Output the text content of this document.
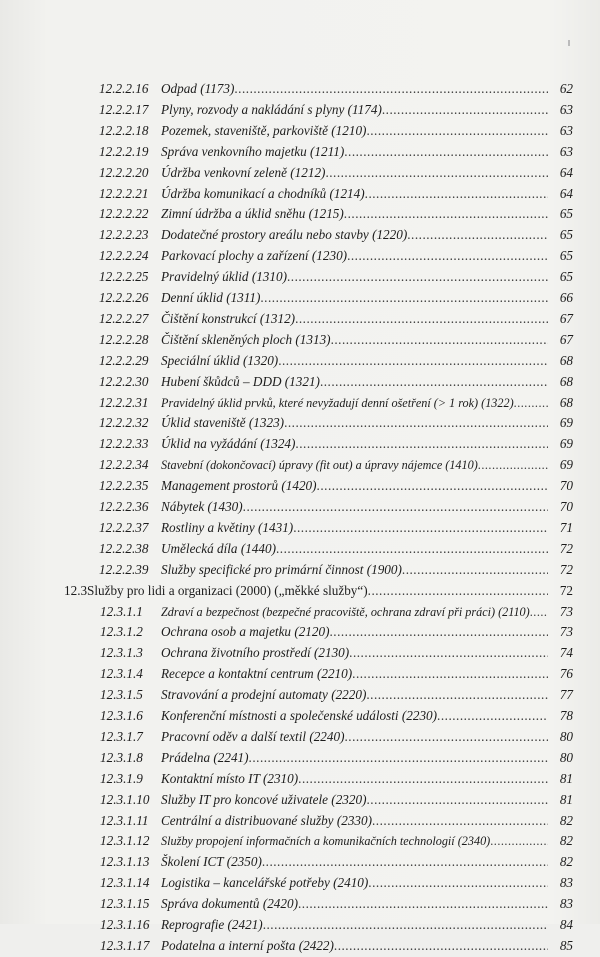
12.2.2.16 Odpad (1173) .....	62
12.2.2.17 Plyny, rozvody a nakládání s plyny (1174) .....	63
12.2.2.18 Pozemek, staveniště, parkoviště (1210) .....	63
12.2.2.19 Správa venkovního majetku (1211) .....	63
12.2.2.20 Údržba venkovní zeleně (1212) .....	64
12.2.2.21 Údržba komunikací a chodníků (1214) .....	64
12.2.2.22 Zimní údržba a úklid sněhu (1215) .....	65
12.2.2.23 Dodatečné prostory areálu nebo stavby (1220) .....	65
12.2.2.24 Parkovací plochy a zařízení (1230) .....	65
12.2.2.25 Pravidelný úklid (1310) .....	65
12.2.2.26 Denní úklid (1311) .....	66
12.2.2.27 Čištění konstrukcí (1312) .....	67
12.2.2.28 Čištění skleněných ploch (1313) .....	67
12.2.2.29 Speciální úklid (1320) .....	68
12.2.2.30 Hubení škůdců – DDD (1321) .....	68
12.2.2.31 Pravidelný úklid prvků, které nevyžadují denní ošetření (> 1 rok) (1322) .....	68
12.2.2.32 Úklid staveniště (1323) .....	69
12.2.2.33 Úklid na vyžádání (1324) .....	69
12.2.2.34 Stavební (dokončovací) úpravy (fit out) a úpravy nájemce (1410) .....	69
12.2.2.35 Management prostorů (1420) .....	70
12.2.2.36 Nábytek (1430) .....	70
12.2.2.37 Rostliny a květiny (1431) .....	71
12.2.2.38 Umělecká díla (1440) .....	72
12.2.2.39 Služby specifické pro primární činnost (1900) .....	72
12.3 Služby pro lidi a organizaci (2000) („měkké služby“) .....	72
12.3.1.1 Zdraví a bezpečnost (bezpečné pracoviště, ochrana zdraví při práci) (2110) .....	73
12.3.1.2 Ochrana osob a majetku (2120) .....	73
12.3.1.3 Ochrana životního prostředí (2130) .....	74
12.3.1.4 Recepce a kontaktní centrum (2210) .....	76
12.3.1.5 Stravování a prodejní automaty (2220) .....	77
12.3.1.6 Konferenční místnosti a společenské události (2230) .....	78
12.3.1.7 Pracovní oděv a další textil (2240) .....	80
12.3.1.8 Prádelna (2241) .....	80
12.3.1.9 Kontaktní místo IT (2310) .....	81
12.3.1.10 Služby IT pro koncové uživatele (2320) .....	81
12.3.1.11 Centrální a distribuované služby (2330) .....	82
12.3.1.12 Služby propojení informačních a komunikačních technologií (2340) .....	82
12.3.1.13 Školení ICT (2350) .....	82
12.3.1.14 Logistika – kancelářské potřeby (2410) .....	83
12.3.1.15 Správa dokumentů (2420) .....	83
12.3.1.16 Reprografie (2421) .....	84
12.3.1.17 Podatelna a interní pošta (2422) .....	85
